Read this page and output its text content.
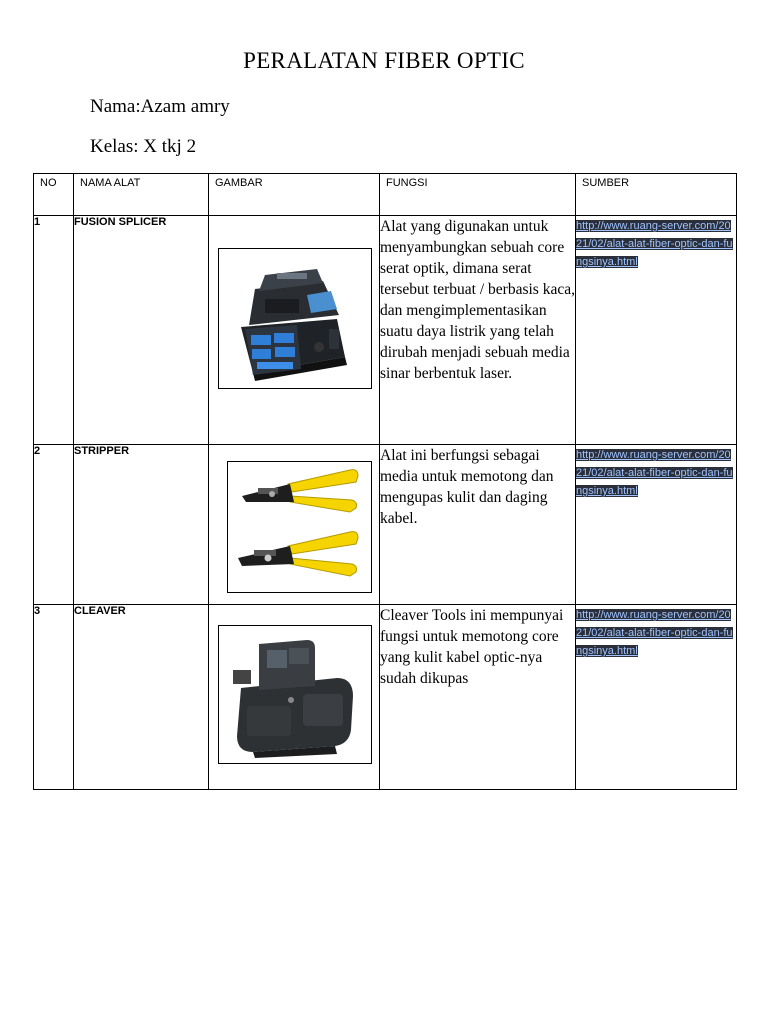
PERALATAN FIBER OPTIC
Nama:Azam amry
Kelas: X tkj 2
NO	NAMA ALAT	GAMBAR	FUNGSI	SUMBER
1	FUSION SPLICER		Alat yang digunakan untuk menyambungkan sebuah core serat optik, dimana serat tersebut terbuat / berbasis kaca, dan mengimplementasikan suatu daya listrik yang telah dirubah menjadi sebuah media sinar berbentuk laser.	http://www.ruang-server.com/2021/02/alat-alat-fiber-optic-dan-fungsinya.html
2	STRIPPER		Alat ini berfungsi sebagai media untuk memotong dan mengupas kulit dan daging kabel.	http://www.ruang-server.com/2021/02/alat-alat-fiber-optic-dan-fungsinya.html
3	CLEAVER		Cleaver Tools ini mempunyai fungsi untuk memotong core yang kulit kabel optic-nya sudah dikupas	http://www.ruang-server.com/2021/02/alat-alat-fiber-optic-dan-fungsinya.html
